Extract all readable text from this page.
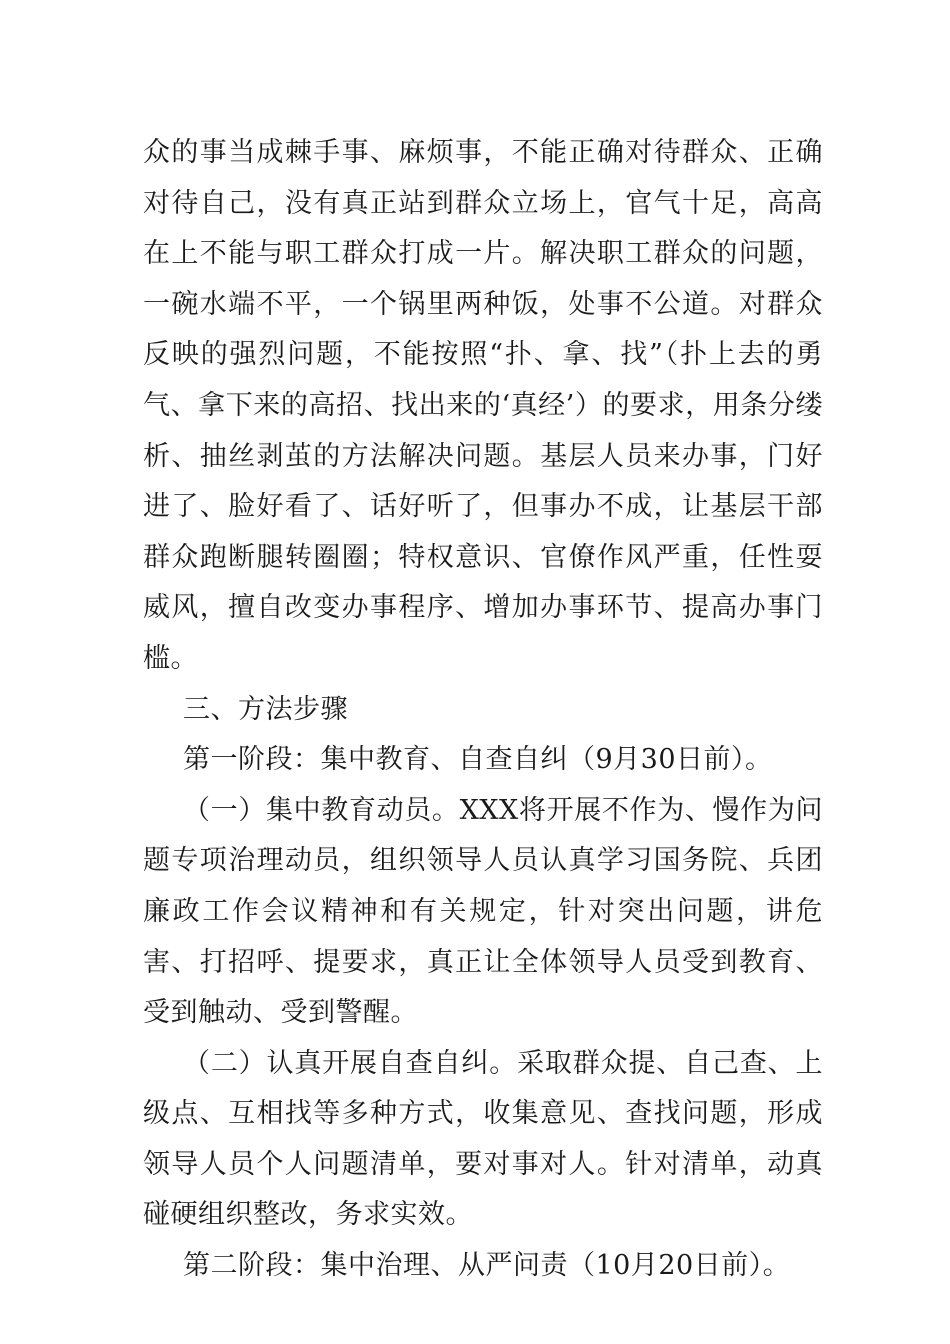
众的事当成棘手事、麻烦事，不能正确对待群众、正确对待自己，没有真正站到群众立场上，官气十足，高高在上不能与职工群众打成一片。解决职工群众的问题，一碗水端不平，一个锅里两种饭，处事不公道。对群众反映的强烈问题，不能按照“扑、拿、找”（扑上去的勇气、拿下来的高招、找出来的‘真经’）的要求，用条分缕析、抽丝剥茧的方法解决问题。基层人员来办事，门好进了、脸好看了、话好听了，但事办不成，让基层干部群众跑断腿转圈圈；特权意识、官僚作风严重，任性耍威风，擅自改变办事程序、增加办事环节、提高办事门槛。

三、方法步骤

第一阶段：集中教育、自查自纠（9月30日前）。

（一）集中教育动员。XXX将开展不作为、慢作为问题专项治理动员，组织领导人员认真学习国务院、兵团廉政工作会议精神和有关规定，针对突出问题，讲危害、打招呼、提要求，真正让全体领导人员受到教育、受到触动、受到警醒。

（二）认真开展自查自纠。采取群众提、自己查、上级点、互相找等多种方式，收集意见、查找问题，形成领导人员个人问题清单，要对事对人。针对清单，动真碰硬组织整改，务求实效。

第二阶段：集中治理、从严问责（10月20日前）。
